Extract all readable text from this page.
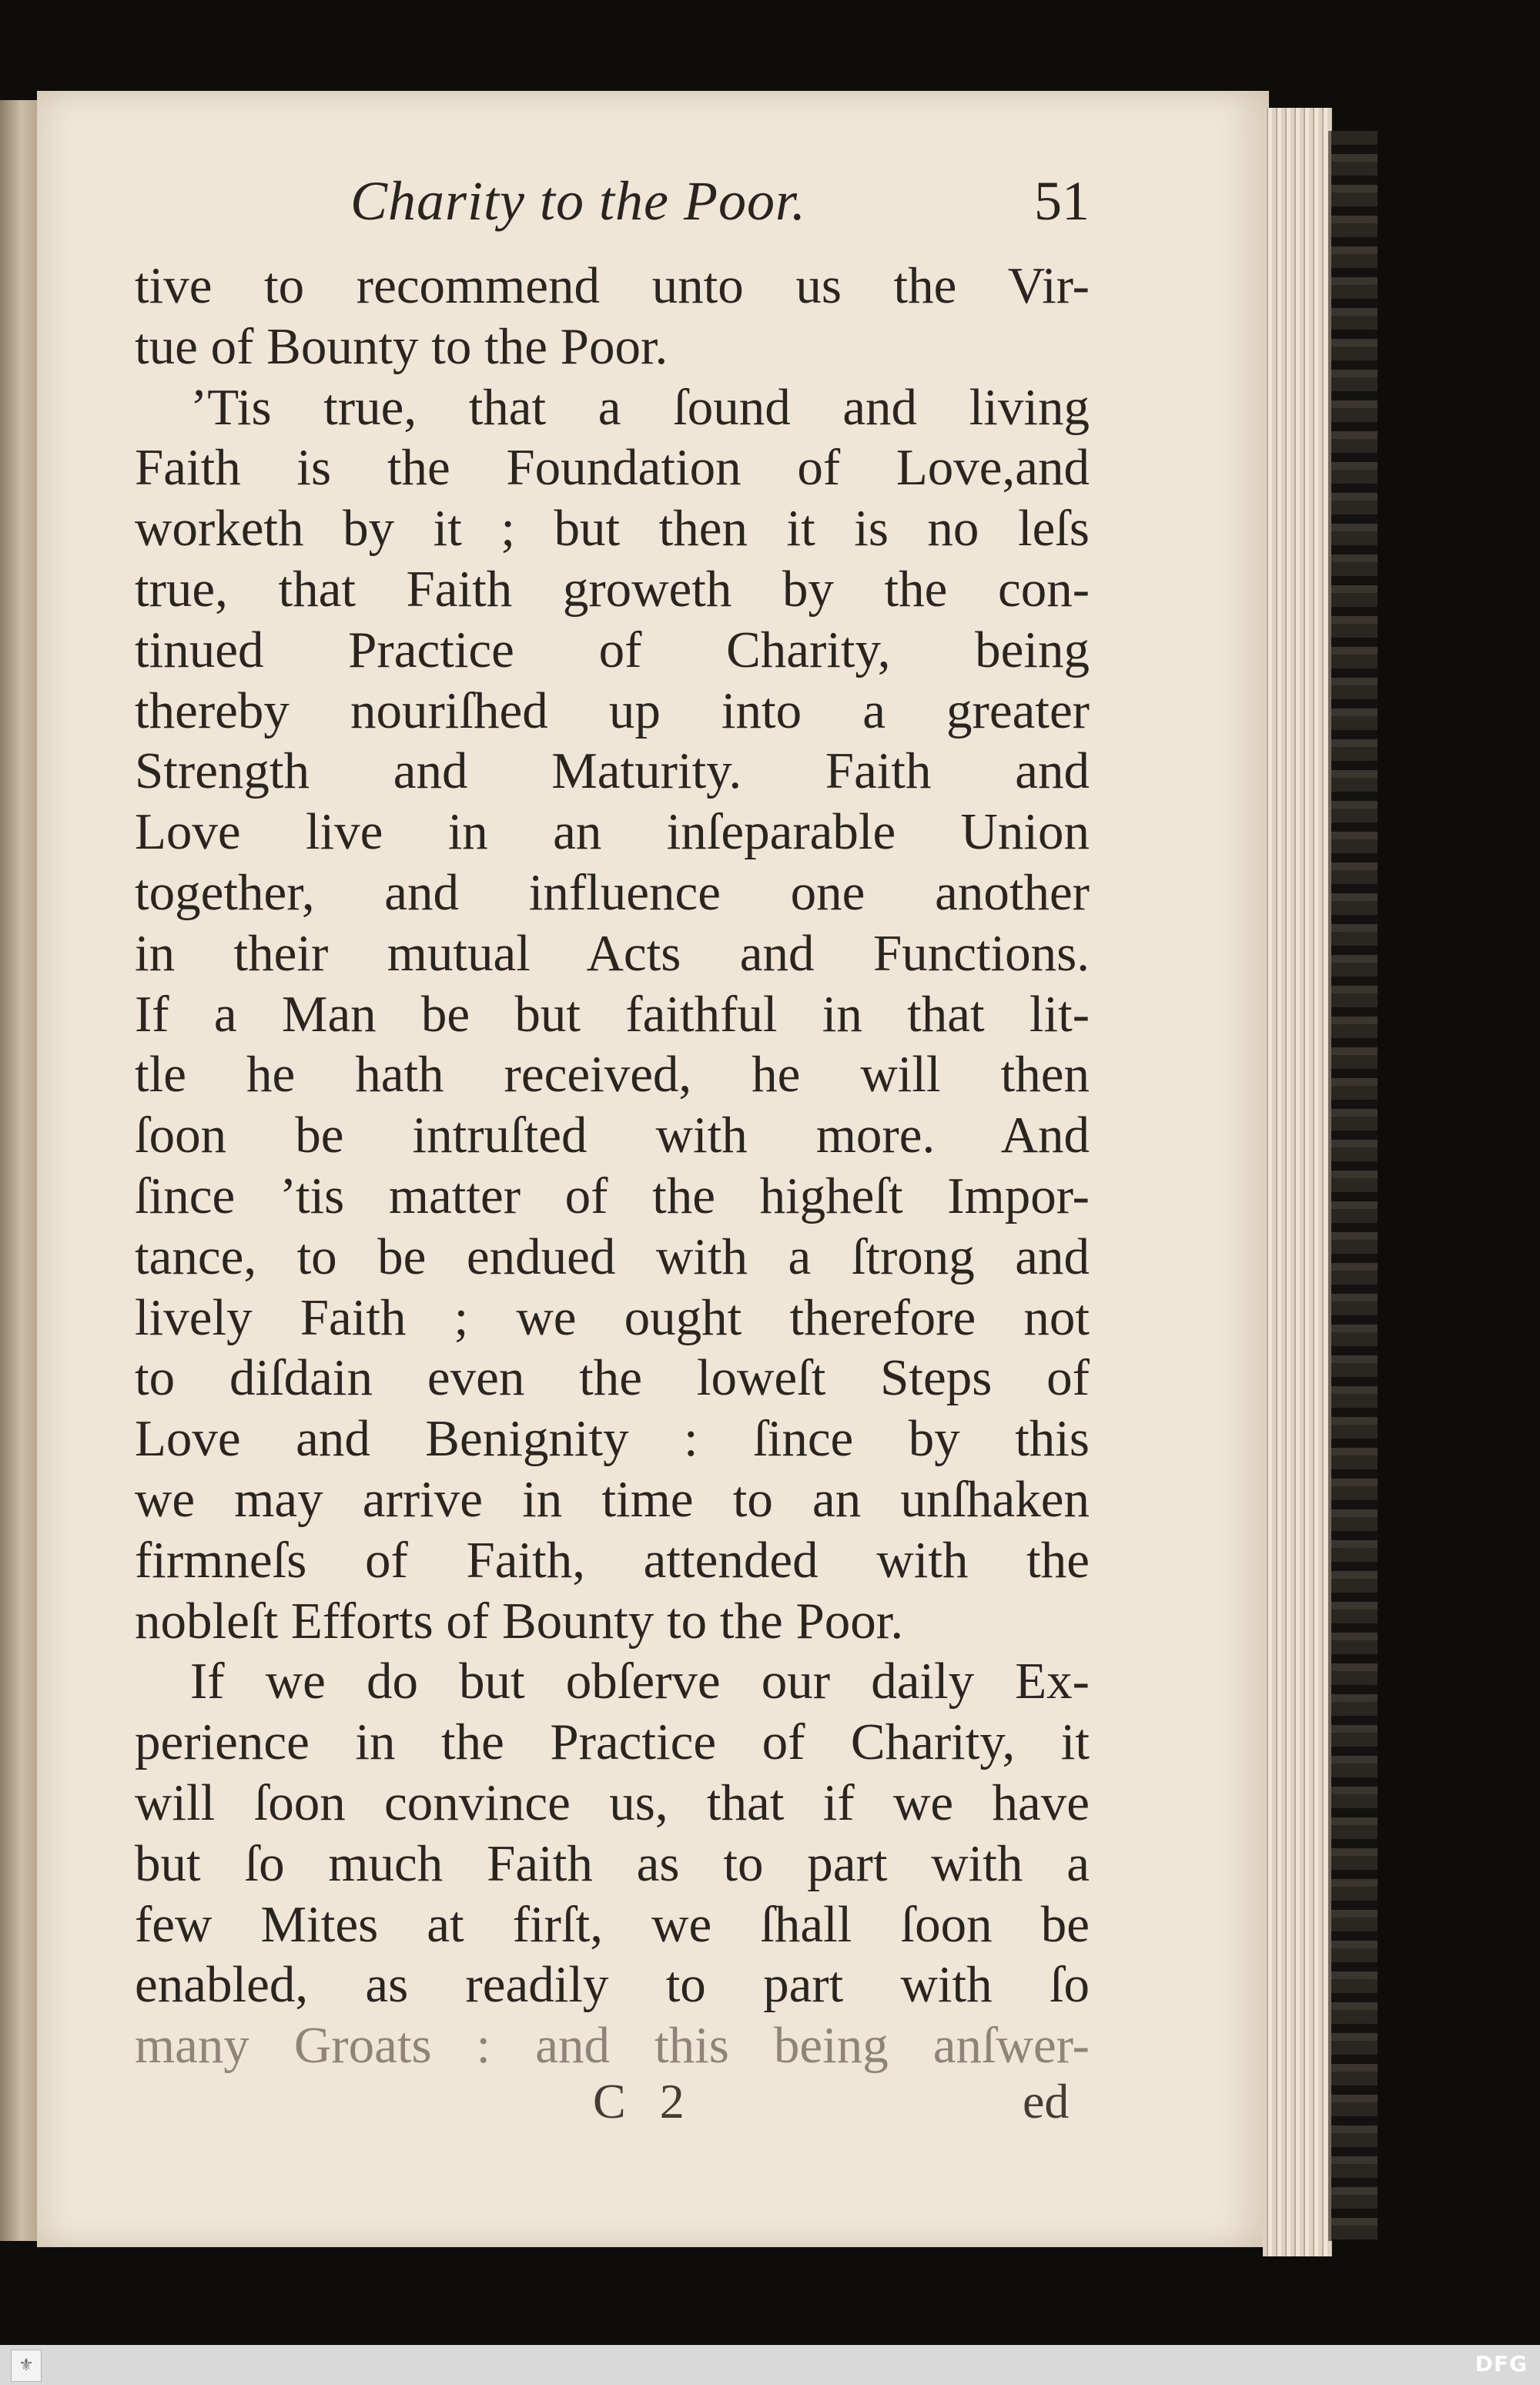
Charity to the Poor.	51
tive to recommend unto us the Vir-
tue of Bounty to the Poor.
’Tis true, that a ſound and living
Faith is the Foundation of Love,and
worketh by it ; but then it is no leſs
true, that Faith groweth by the con-
tinued Practice of Charity, being
thereby nouriſhed up into a greater
Strength and Maturity. Faith and
Love live in an inſeparable Union
together, and influence one another
in their mutual Acts and Functions.
If a Man be but faithful in that lit-
tle he hath received, he will then
ſoon be intruſted with more. And
ſince ’tis matter of the higheſt Impor-
tance, to be endued with a ſtrong and
lively Faith ; we ought therefore not
to diſdain even the loweſt Steps of
Love and Benignity : ſince by this
we may arrive in time to an unſhaken
firmneſs of Faith, attended with the
nobleſt Efforts of Bounty to the Poor.
If we do but obſerve our daily Ex-
perience in the Practice of Charity, it
will ſoon convince us, that if we have
but ſo much Faith as to part with a
few Mites at firſt, we ſhall ſoon be
enabled, as readily to part with ſo
many Groats : and this being anſwer-
C 2	ed
⚜	DFG
